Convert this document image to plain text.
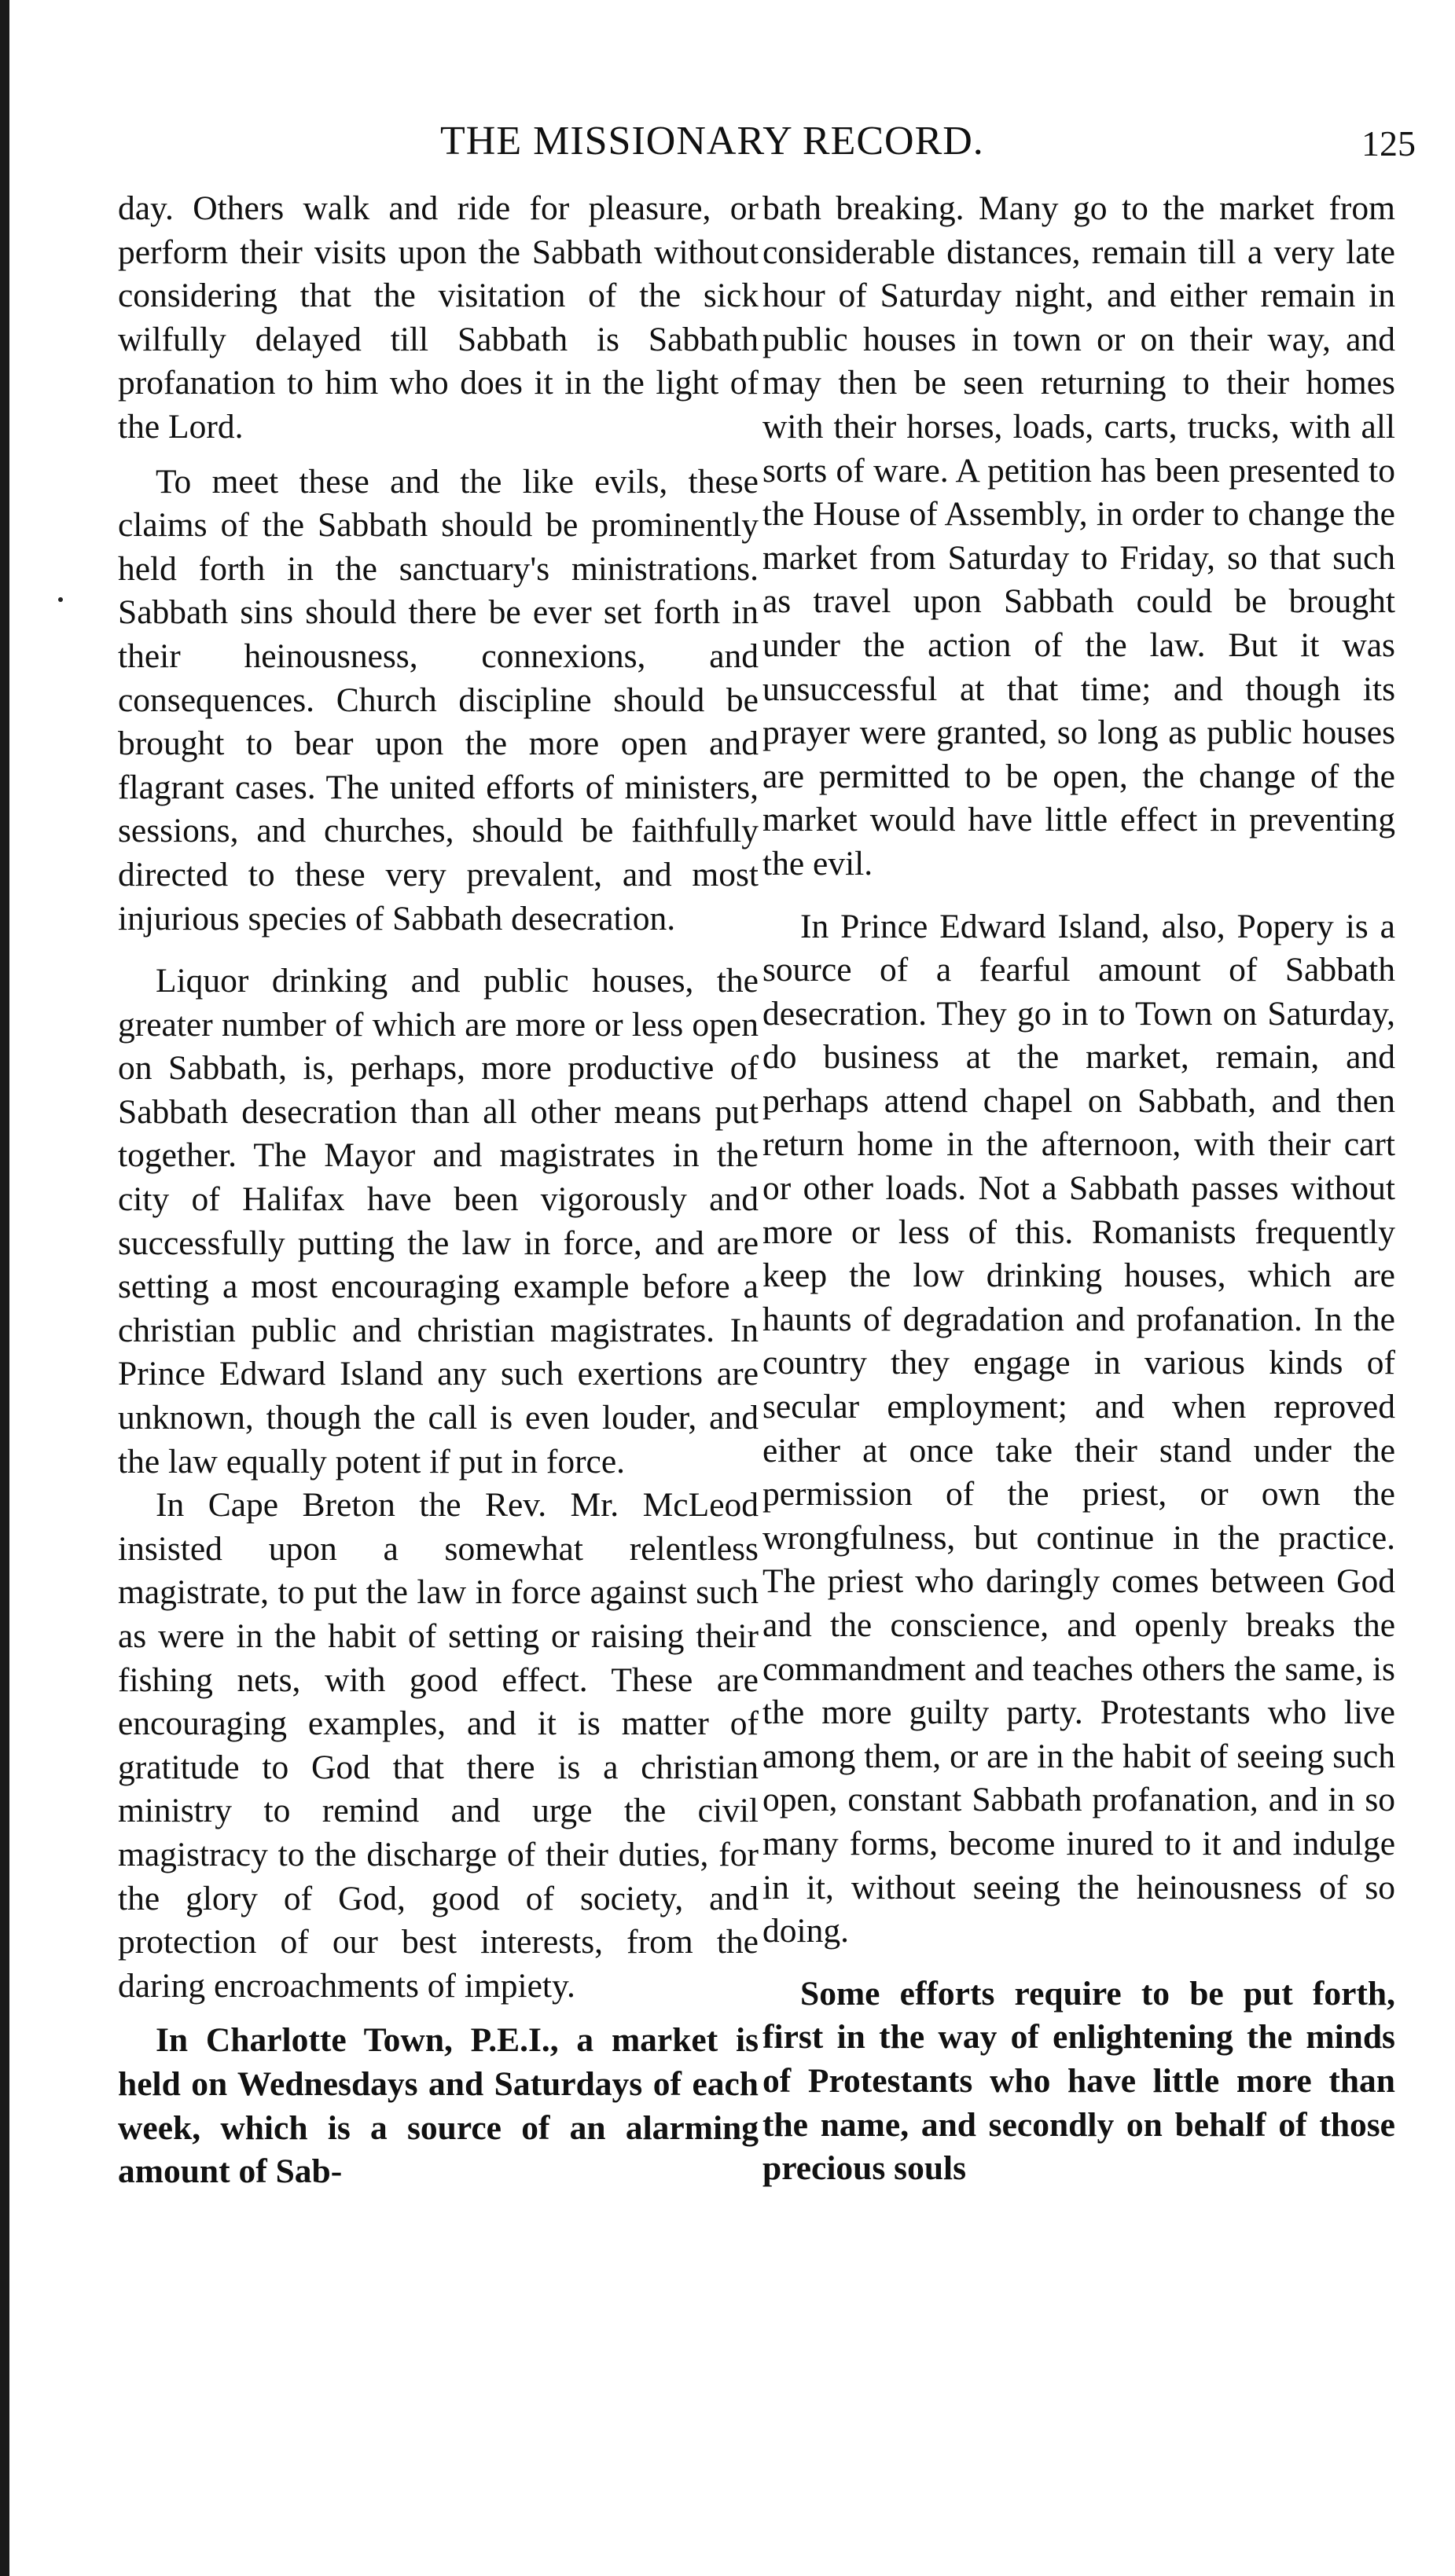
THE MISSIONARY RECORD.	125

day. Others walk and ride for pleasure, or perform their visits upon the Sabbath without considering that the visitation of the sick wilfully delayed till Sabbath is Sabbath profanation to him who does it in the light of the Lord.

To meet these and the like evils, these claims of the Sabbath should be prominently held forth in the sanctuary's ministrations. Sabbath sins should there be ever set forth in their heinousness, connexions, and consequences. Church discipline should be brought to bear upon the more open and flagrant cases. The united efforts of ministers, sessions, and churches, should be faithfully directed to these very prevalent, and most injurious species of Sabbath desecration.

Liquor drinking and public houses, the greater number of which are more or less open on Sabbath, is, perhaps, more productive of Sabbath desecration than all other means put together. The Mayor and magistrates in the city of Halifax have been vigorously and successfully putting the law in force, and are setting a most encouraging example before a christian public and christian magistrates. In Prince Edward Island any such exertions are unknown, though the call is even louder, and the law equally potent if put in force.

In Cape Breton the Rev. Mr. McLeod insisted upon a somewhat relentless magistrate, to put the law in force against such as were in the habit of setting or raising their fishing nets, with good effect. These are encouraging examples, and it is matter of gratitude to God that there is a christian ministry to remind and urge the civil magistracy to the discharge of their duties, for the glory of God, good of society, and protection of our best interests, from the daring encroachments of impiety.

In Charlotte Town, P.E.I., a market is held on Wednesdays and Saturdays of each week, which is a source of an alarming amount of Sab-

bath breaking. Many go to the market from considerable distances, remain till a very late hour of Saturday night, and either remain in public houses in town or on their way, and may then be seen returning to their homes with their horses, loads, carts, trucks, with all sorts of ware. A petition has been presented to the House of Assembly, in order to change the market from Saturday to Friday, so that such as travel upon Sabbath could be brought under the action of the law. But it was unsuccessful at that time; and though its prayer were granted, so long as public houses are permitted to be open, the change of the market would have little effect in preventing the evil.

In Prince Edward Island, also, Popery is a source of a fearful amount of Sabbath desecration. They go in to Town on Saturday, do business at the market, remain, and perhaps attend chapel on Sabbath, and then return home in the afternoon, with their cart or other loads. Not a Sabbath passes without more or less of this. Romanists frequently keep the low drinking houses, which are haunts of degradation and profanation. In the country they engage in various kinds of secular employment; and when reproved either at once take their stand under the permission of the priest, or own the wrongfulness, but continue in the practice. The priest who daringly comes between God and the conscience, and openly breaks the commandment and teaches others the same, is the more guilty party. Protestants who live among them, or are in the habit of seeing such open, constant Sabbath profanation, and in so many forms, become inured to it and indulge in it, without seeing the heinousness of so doing.

Some efforts require to be put forth, first in the way of enlightening the minds of Protestants who have little more than the name, and secondly on behalf of those precious souls
